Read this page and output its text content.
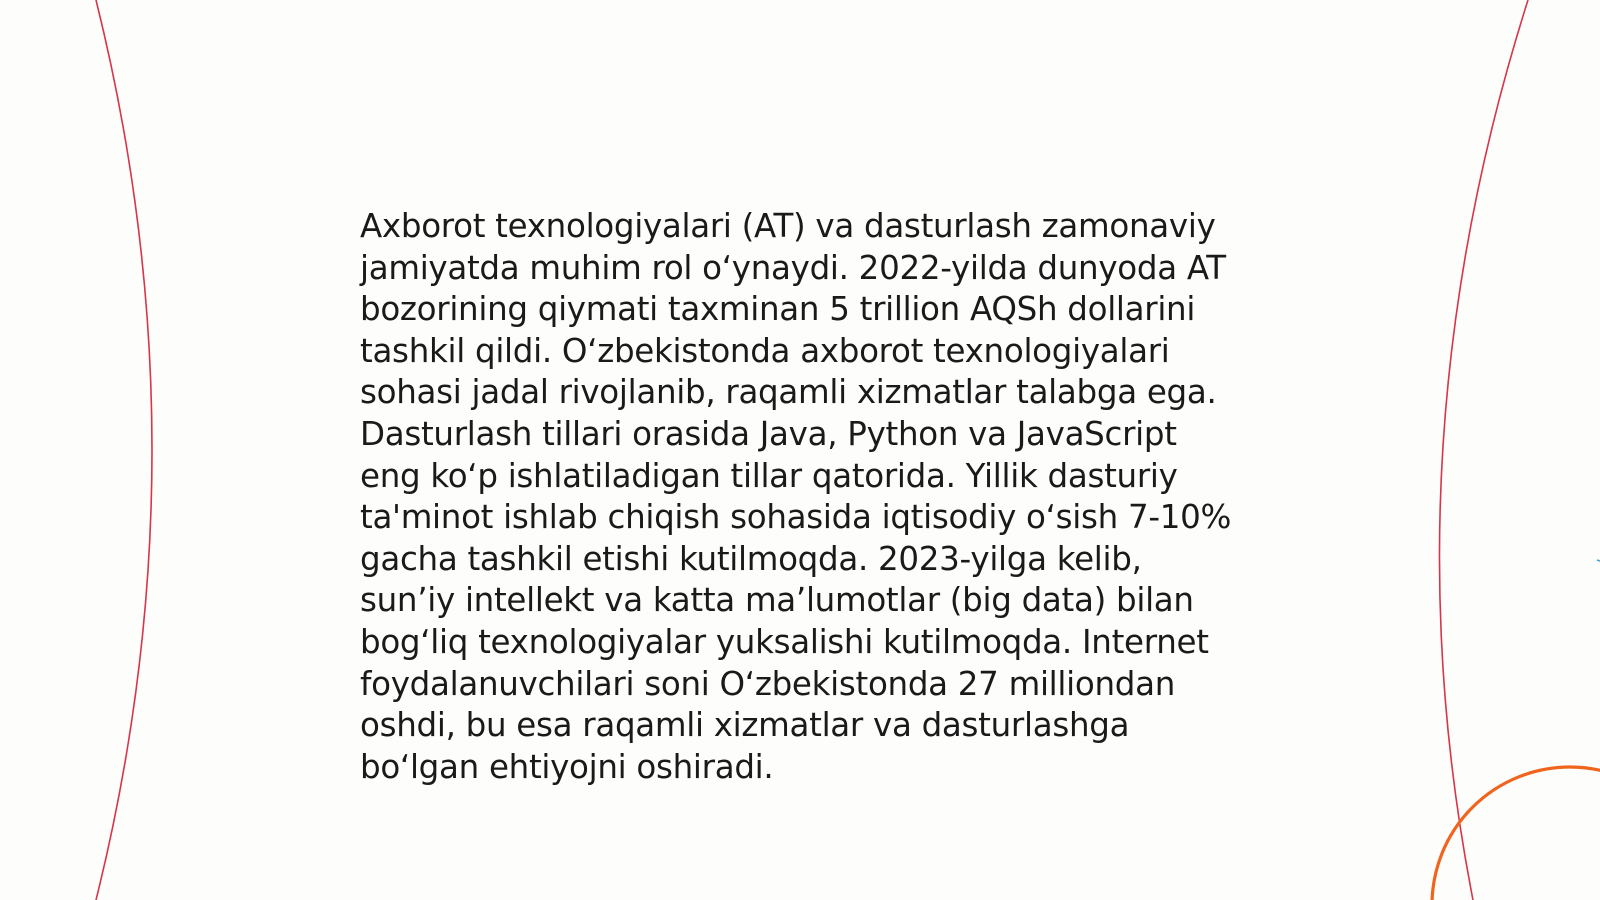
Axborot texnologiyalari (AT) va dasturlash zamonaviy
jamiyatda muhim rol oʻynaydi. 2022-yilda dunyoda AT
bozorining qiymati taxminan 5 trillion AQSh dollarini
tashkil qildi. Oʻzbekistonda axborot texnologiyalari
sohasi jadal rivojlanib, raqamli xizmatlar talabga ega.
Dasturlash tillari orasida Java, Python va JavaScript
eng koʻp ishlatiladigan tillar qatorida. Yillik dasturiy
ta'minot ishlab chiqish sohasida iqtisodiy oʻsish 7-10%
gacha tashkil etishi kutilmoqda. 2023-yilga kelib,
sun’iy intellekt va katta ma’lumotlar (big data) bilan
bogʻliq texnologiyalar yuksalishi kutilmoqda. Internet
foydalanuvchilari soni Oʻzbekistonda 27 milliondan
oshdi, bu esa raqamli xizmatlar va dasturlashga
boʻlgan ehtiyojni oshiradi.
